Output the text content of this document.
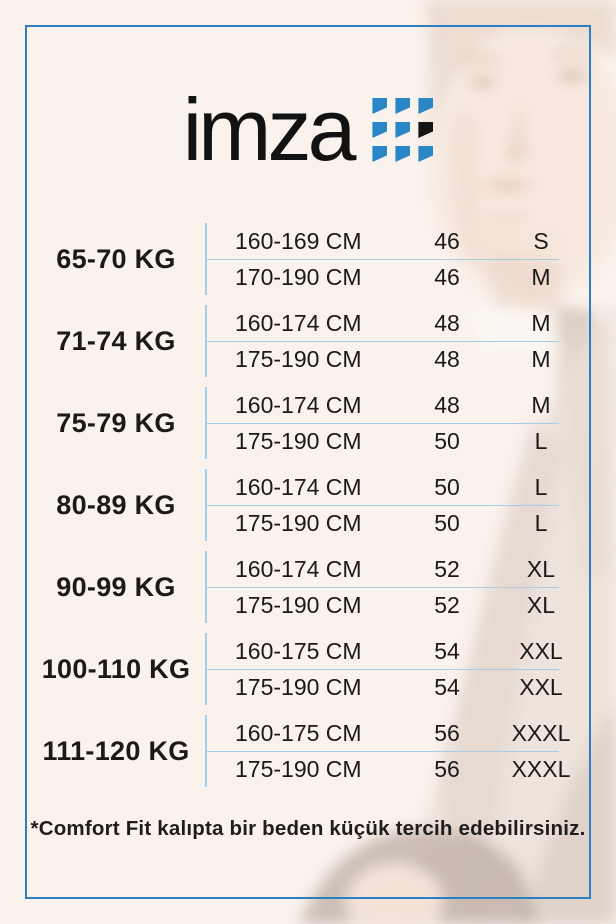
imza
65-70 KG
160-169 CM	46	S
170-190 CM	46	M
71-74 KG
160-174 CM	48	M
175-190 CM	48	M
75-79 KG
160-174 CM	48	M
175-190 CM	50	L
80-89 KG
160-174 CM	50	L
175-190 CM	50	L
90-99 KG
160-174 CM	52	XL
175-190 CM	52	XL
100-110 KG
160-175 CM	54	XXL
175-190 CM	54	XXL
111-120 KG
160-175 CM	56	XXXL
175-190 CM	56	XXXL
*Comfort Fit kalıpta bir beden küçük tercih edebilirsiniz.
